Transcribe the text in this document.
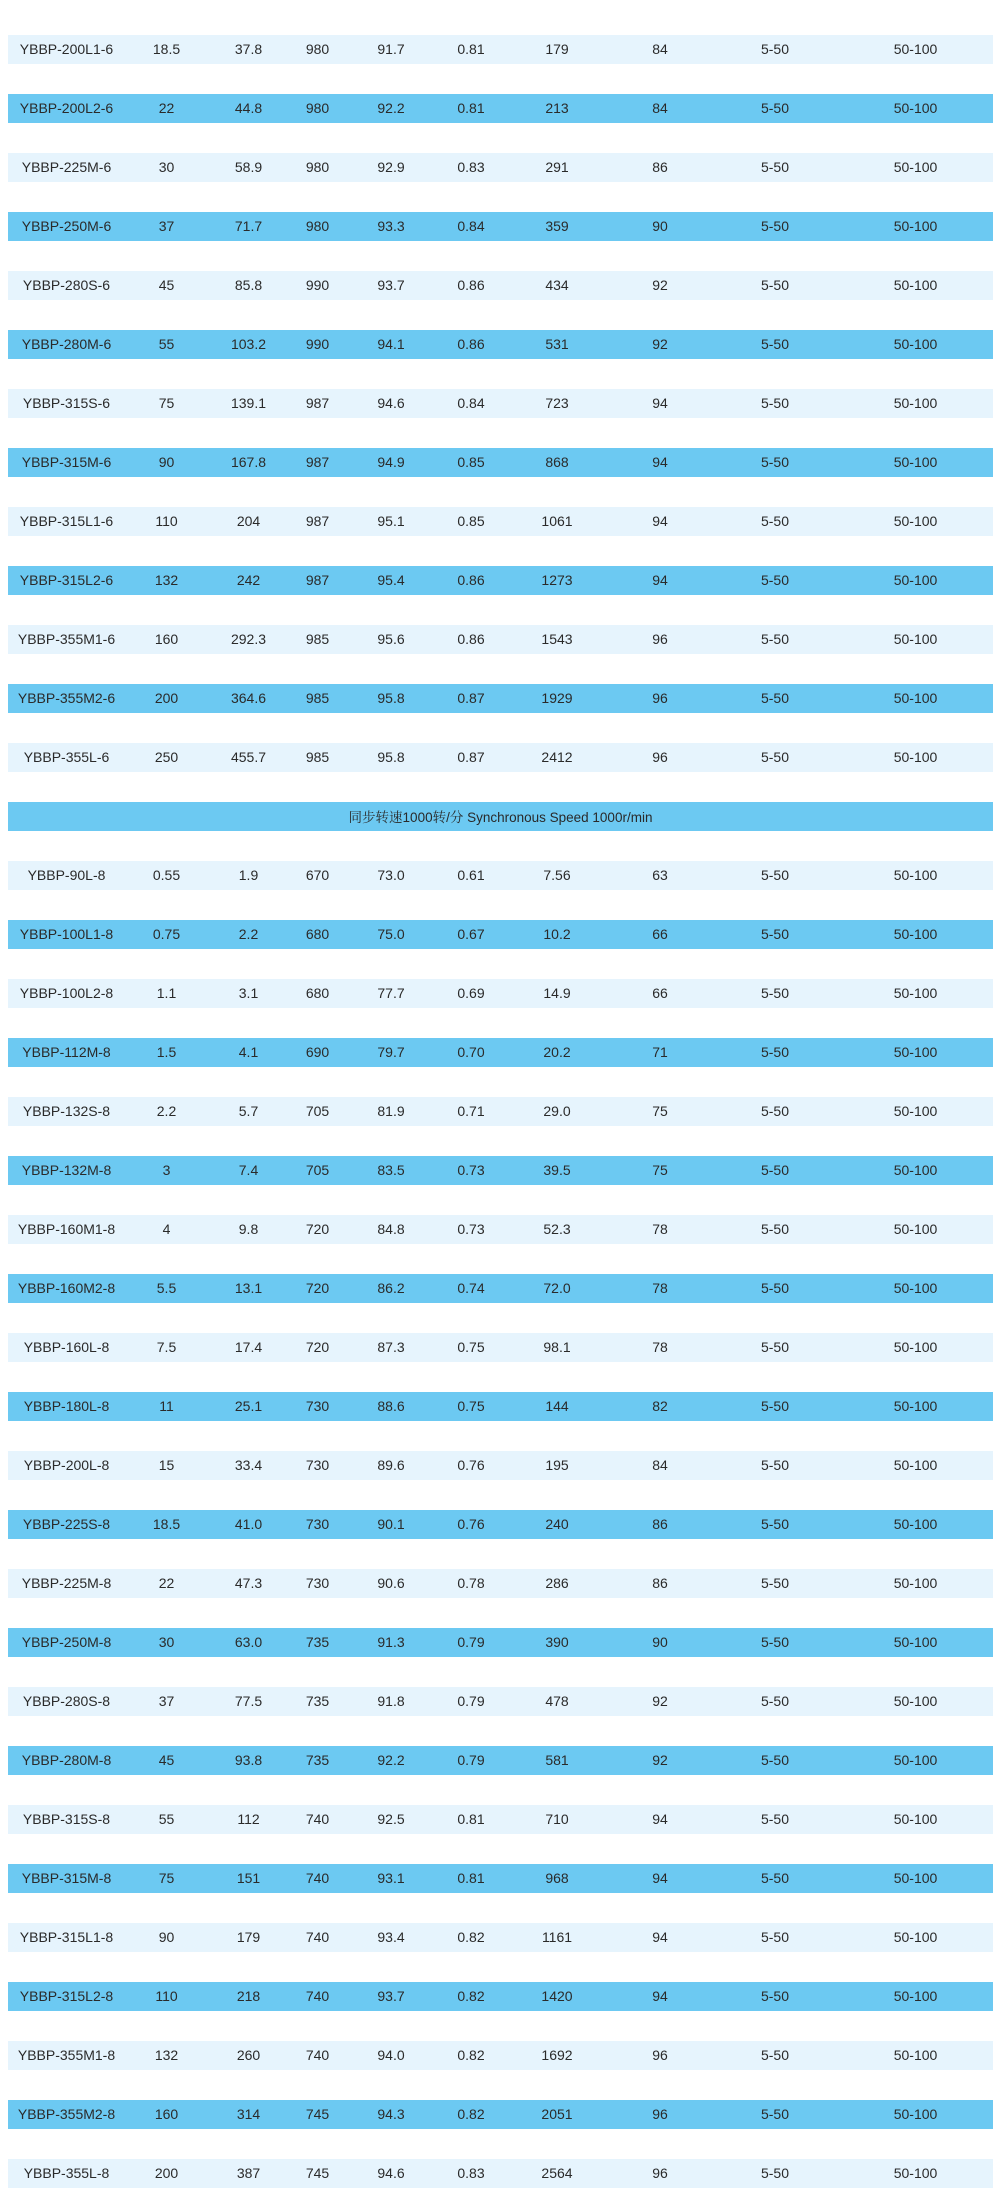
YBBP-200L1-6	18.5	37.8	980	91.7	0.81	179	84	5-50	50-100

YBBP-200L2-6	22	44.8	980	92.2	0.81	213	84	5-50	50-100

YBBP-225M-6	30	58.9	980	92.9	0.83	291	86	5-50	50-100

YBBP-250M-6	37	71.7	980	93.3	0.84	359	90	5-50	50-100

YBBP-280S-6	45	85.8	990	93.7	0.86	434	92	5-50	50-100

YBBP-280M-6	55	103.2	990	94.1	0.86	531	92	5-50	50-100

YBBP-315S-6	75	139.1	987	94.6	0.84	723	94	5-50	50-100

YBBP-315M-6	90	167.8	987	94.9	0.85	868	94	5-50	50-100

YBBP-315L1-6	110	204	987	95.1	0.85	1061	94	5-50	50-100

YBBP-315L2-6	132	242	987	95.4	0.86	1273	94	5-50	50-100

YBBP-355M1-6	160	292.3	985	95.6	0.86	1543	96	5-50	50-100

YBBP-355M2-6	200	364.6	985	95.8	0.87	1929	96	5-50	50-100

YBBP-355L-6	250	455.7	985	95.8	0.87	2412	96	5-50	50-100

同步转速1000转/分 Synchronous Speed 1000r/min									

YBBP-90L-8	0.55	1.9	670	73.0	0.61	7.56	63	5-50	50-100

YBBP-100L1-8	0.75	2.2	680	75.0	0.67	10.2	66	5-50	50-100

YBBP-100L2-8	1.1	3.1	680	77.7	0.69	14.9	66	5-50	50-100

YBBP-112M-8	1.5	4.1	690	79.7	0.70	20.2	71	5-50	50-100

YBBP-132S-8	2.2	5.7	705	81.9	0.71	29.0	75	5-50	50-100

YBBP-132M-8	3	7.4	705	83.5	0.73	39.5	75	5-50	50-100

YBBP-160M1-8	4	9.8	720	84.8	0.73	52.3	78	5-50	50-100

YBBP-160M2-8	5.5	13.1	720	86.2	0.74	72.0	78	5-50	50-100

YBBP-160L-8	7.5	17.4	720	87.3	0.75	98.1	78	5-50	50-100

YBBP-180L-8	11	25.1	730	88.6	0.75	144	82	5-50	50-100

YBBP-200L-8	15	33.4	730	89.6	0.76	195	84	5-50	50-100

YBBP-225S-8	18.5	41.0	730	90.1	0.76	240	86	5-50	50-100

YBBP-225M-8	22	47.3	730	90.6	0.78	286	86	5-50	50-100

YBBP-250M-8	30	63.0	735	91.3	0.79	390	90	5-50	50-100

YBBP-280S-8	37	77.5	735	91.8	0.79	478	92	5-50	50-100

YBBP-280M-8	45	93.8	735	92.2	0.79	581	92	5-50	50-100

YBBP-315S-8	55	112	740	92.5	0.81	710	94	5-50	50-100

YBBP-315M-8	75	151	740	93.1	0.81	968	94	5-50	50-100

YBBP-315L1-8	90	179	740	93.4	0.82	1161	94	5-50	50-100

YBBP-315L2-8	110	218	740	93.7	0.82	1420	94	5-50	50-100

YBBP-355M1-8	132	260	740	94.0	0.82	1692	96	5-50	50-100

YBBP-355M2-8	160	314	745	94.3	0.82	2051	96	5-50	50-100

YBBP-355L-8	200	387	745	94.6	0.83	2564	96	5-50	50-100
